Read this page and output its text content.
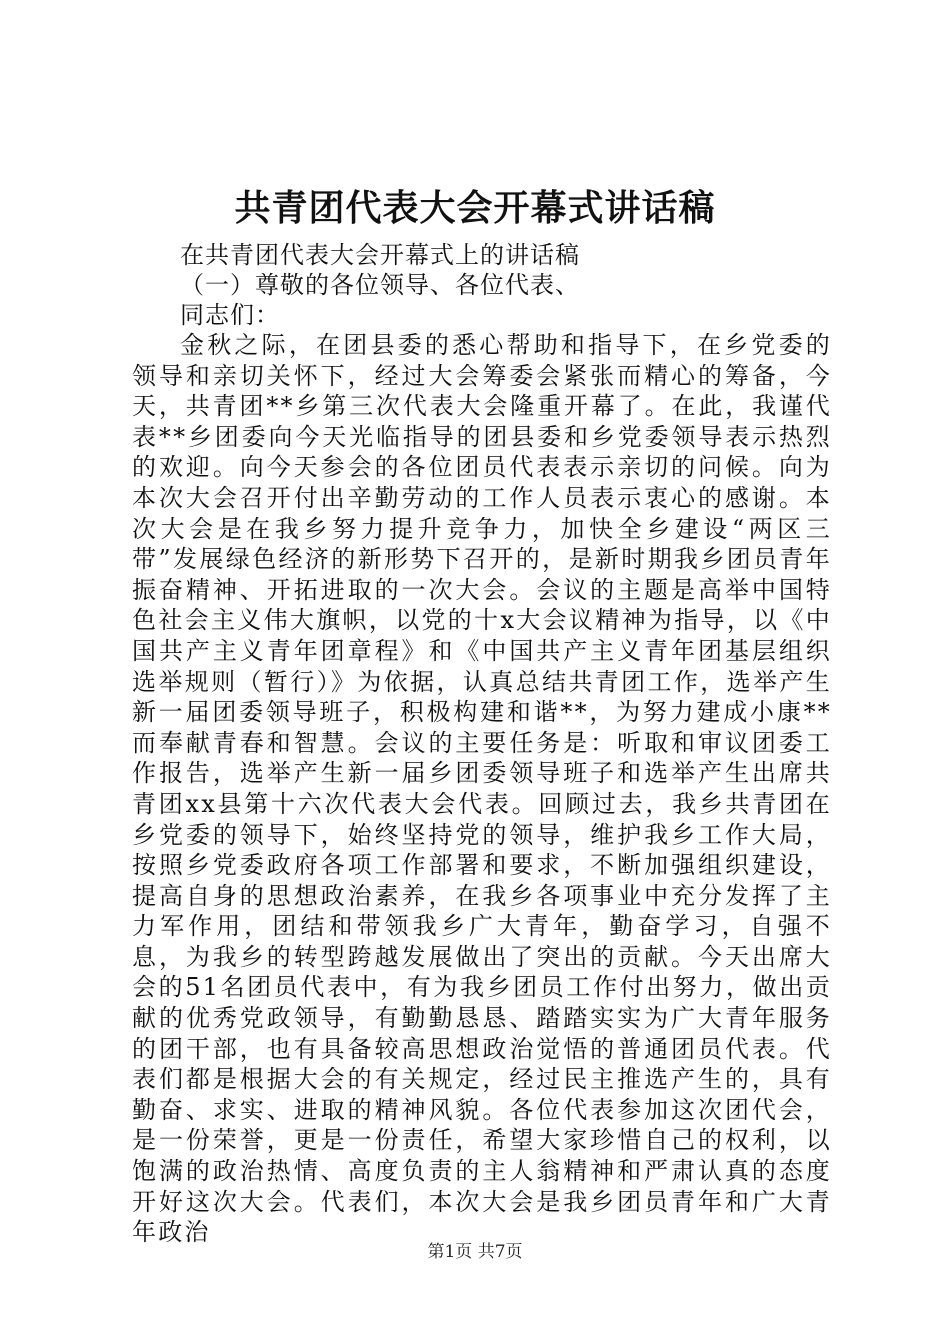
共青团代表大会开幕式讲话稿
在共青团代表大会开幕式上的讲话稿
（一）尊敬的各位领导、各位代表、
同志们：

金秋之际，在团县委的悉心帮助和指导下，在乡党委的领导和亲切关怀下，经过大会筹委会紧张而精心的筹备，今天，共青团**乡第三次代表大会隆重开幕了。在此，我谨代表**乡团委向今天光临指导的团县委和乡党委领导表示热烈的欢迎。向今天参会的各位团员代表表示亲切的问候。向为本次大会召开付出辛勤劳动的工作人员表示衷心的感谢。本次大会是在我乡努力提升竞争力，加快全乡建设“两区三带”发展绿色经济的新形势下召开的，是新时期我乡团员青年振奋精神、开拓进取的一次大会。会议的主题是高举中国特色社会主义伟大旗帜，以党的十x大会议精神为指导，以《中国共产主义青年团章程》和《中国共产主义青年团基层组织选举规则（暂行）》为依据，认真总结共青团工作，选举产生新一届团委领导班子，积极构建和谐**，为努力建成小康**而奉献青春和智慧。会议的主要任务是：听取和审议团委工作报告，选举产生新一届乡团委领导班子和选举产生出席共青团xx县第十六次代表大会代表。回顾过去，我乡共青团在乡党委的领导下，始终坚持党的领导，维护我乡工作大局，按照乡党委政府各项工作部署和要求，不断加强组织建设，提高自身的思想政治素养，在我乡各项事业中充分发挥了主力军作用，团结和带领我乡广大青年，勤奋学习，自强不息，为我乡的转型跨越发展做出了突出的贡献。今天出席大会的51名团员代表中，有为我乡团员工作付出努力，做出贡献的优秀党政领导，有勤勤恳恳、踏踏实实为广大青年服务的团干部，也有具备较高思想政治觉悟的普通团员代表。代表们都是根据大会的有关规定，经过民主推选产生的，具有勤奋、求实、进取的精神风貌。各位代表参加这次团代会，是一份荣誉，更是一份责任，希望大家珍惜自己的权利，以饱满的政治热情、高度负责的主人翁精神和严肃认真的态度开好这次大会。代表们，本次大会是我乡团员青年和广大青年政治

第1页 共7页
